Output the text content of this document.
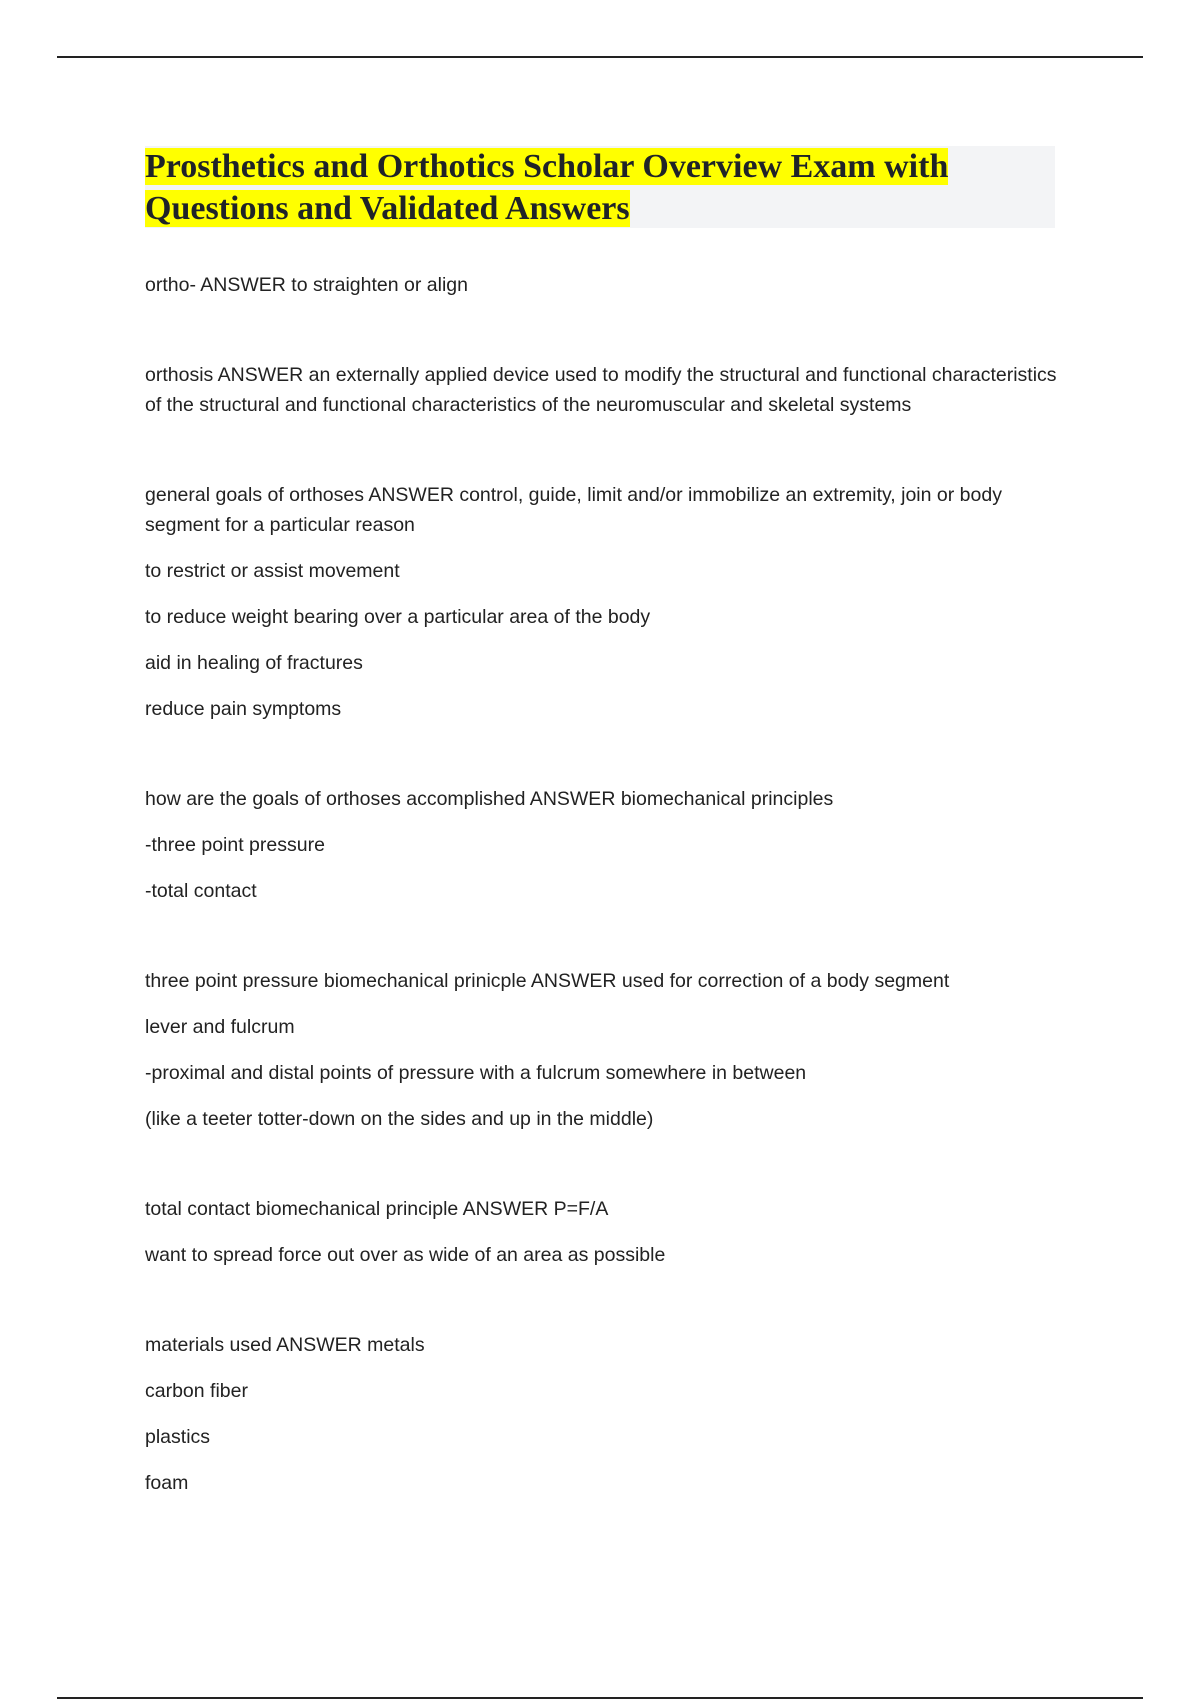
Prosthetics and Orthotics Scholar Overview Exam with Questions and Validated Answers

ortho- ANSWER to straighten or align

orthosis ANSWER an externally applied device used to modify the structural and functional characteristics of the structural and functional characteristics of the neuromuscular and skeletal systems

general goals of orthoses ANSWER control, guide, limit and/or immobilize an extremity, join or body segment for a particular reason

to restrict or assist movement

to reduce weight bearing over a particular area of the body

aid in healing of fractures

reduce pain symptoms

how are the goals of orthoses accomplished ANSWER biomechanical principles

-three point pressure

-total contact

three point pressure biomechanical prinicple ANSWER used for correction of a body segment

lever and fulcrum

-proximal and distal points of pressure with a fulcrum somewhere in between

(like a teeter totter-down on the sides and up in the middle)

total contact biomechanical principle ANSWER P=F/A

want to spread force out over as wide of an area as possible

materials used ANSWER metals

carbon fiber

plastics

foam
